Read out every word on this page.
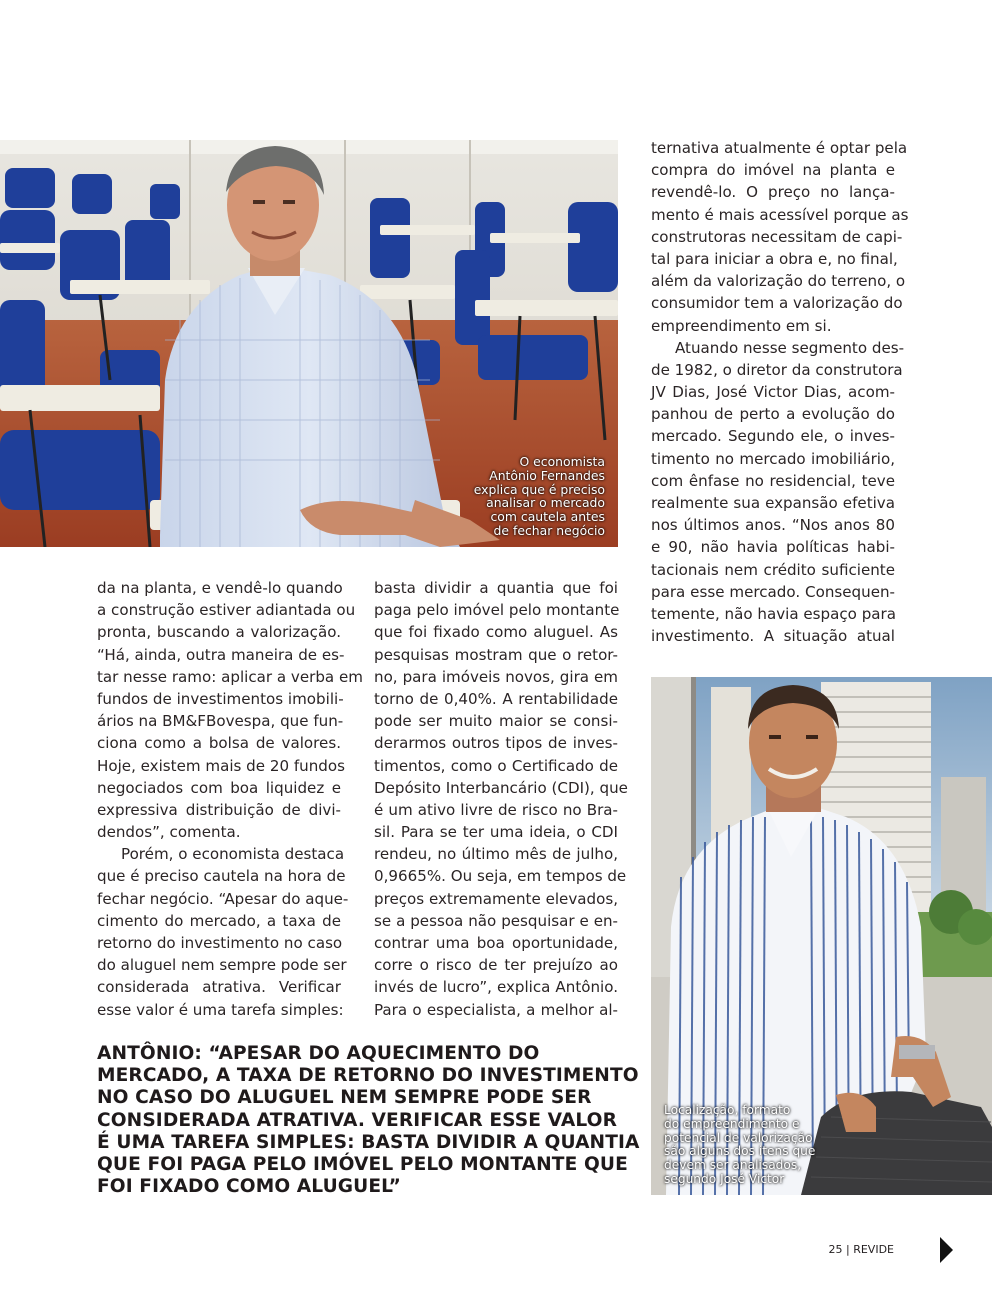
O economista
Antônio Fernandes
explica que é preciso
analisar o mercado
com cautela antes
de fechar negócio
Localização, formato
do empreendimento e
potencial de valorização
são alguns dos itens que
devem ser analisados,
segundo José Victor
da na planta, e vendê-lo quando
a construção estiver adiantada ou
pronta, buscando a valorização.
“Há, ainda, outra maneira de es-
tar nesse ramo: aplicar a verba em
fundos de investimentos imobili-
ários na BM&FBovespa, que fun-
ciona como a bolsa de valores.
Hoje, existem mais de 20 fundos
negociados com boa liquidez e
expressiva distribuição de divi-
dendos”, comenta.
Porém, o economista destaca
que é preciso cautela na hora de
fechar negócio. “Apesar do aque-
cimento do mercado, a taxa de
retorno do investimento no caso
do aluguel nem sempre pode ser
considerada atrativa. Verificar
esse valor é uma tarefa simples:
basta dividir a quantia que foi
paga pelo imóvel pelo montante
que foi fixado como aluguel. As
pesquisas mostram que o retor-
no, para imóveis novos, gira em
torno de 0,40%. A rentabilidade
pode ser muito maior se consi-
derarmos outros tipos de inves-
timentos, como o Certificado de
Depósito Interbancário (CDI), que
é um ativo livre de risco no Bra-
sil. Para se ter uma ideia, o CDI
rendeu, no último mês de julho,
0,9665%. Ou seja, em tempos de
preços extremamente elevados,
se a pessoa não pesquisar e en-
contrar uma boa oportunidade,
corre o risco de ter prejuízo ao
invés de lucro”, explica Antônio.
Para o especialista, a melhor al-
ternativa atualmente é optar pela
compra do imóvel na planta e
revendê-lo. O preço no lança-
mento é mais acessível porque as
construtoras necessitam de capi-
tal para iniciar a obra e, no final,
além da valorização do terreno, o
consumidor tem a valorização do
empreendimento em si.
Atuando nesse segmento des-
de 1982, o diretor da construtora
JV Dias, José Victor Dias, acom-
panhou de perto a evolução do
mercado. Segundo ele, o inves-
timento no mercado imobiliário,
com ênfase no residencial, teve
realmente sua expansão efetiva
nos últimos anos. “Nos anos 80
e 90, não havia políticas habi-
tacionais nem crédito suficiente
para esse mercado. Consequen-
temente, não havia espaço para
investimento. A situação atual
ANTÔNIO: “APESAR DO AQUECIMENTO DO
MERCADO, A TAXA DE RETORNO DO INVESTIMENTO
NO CASO DO ALUGUEL NEM SEMPRE PODE SER
CONSIDERADA ATRATIVA. VERIFICAR ESSE VALOR
É UMA TAREFA SIMPLES: BASTA DIVIDIR A QUANTIA
QUE FOI PAGA PELO IMÓVEL PELO MONTANTE QUE
FOI FIXADO COMO ALUGUEL”
25 | REVIDE
